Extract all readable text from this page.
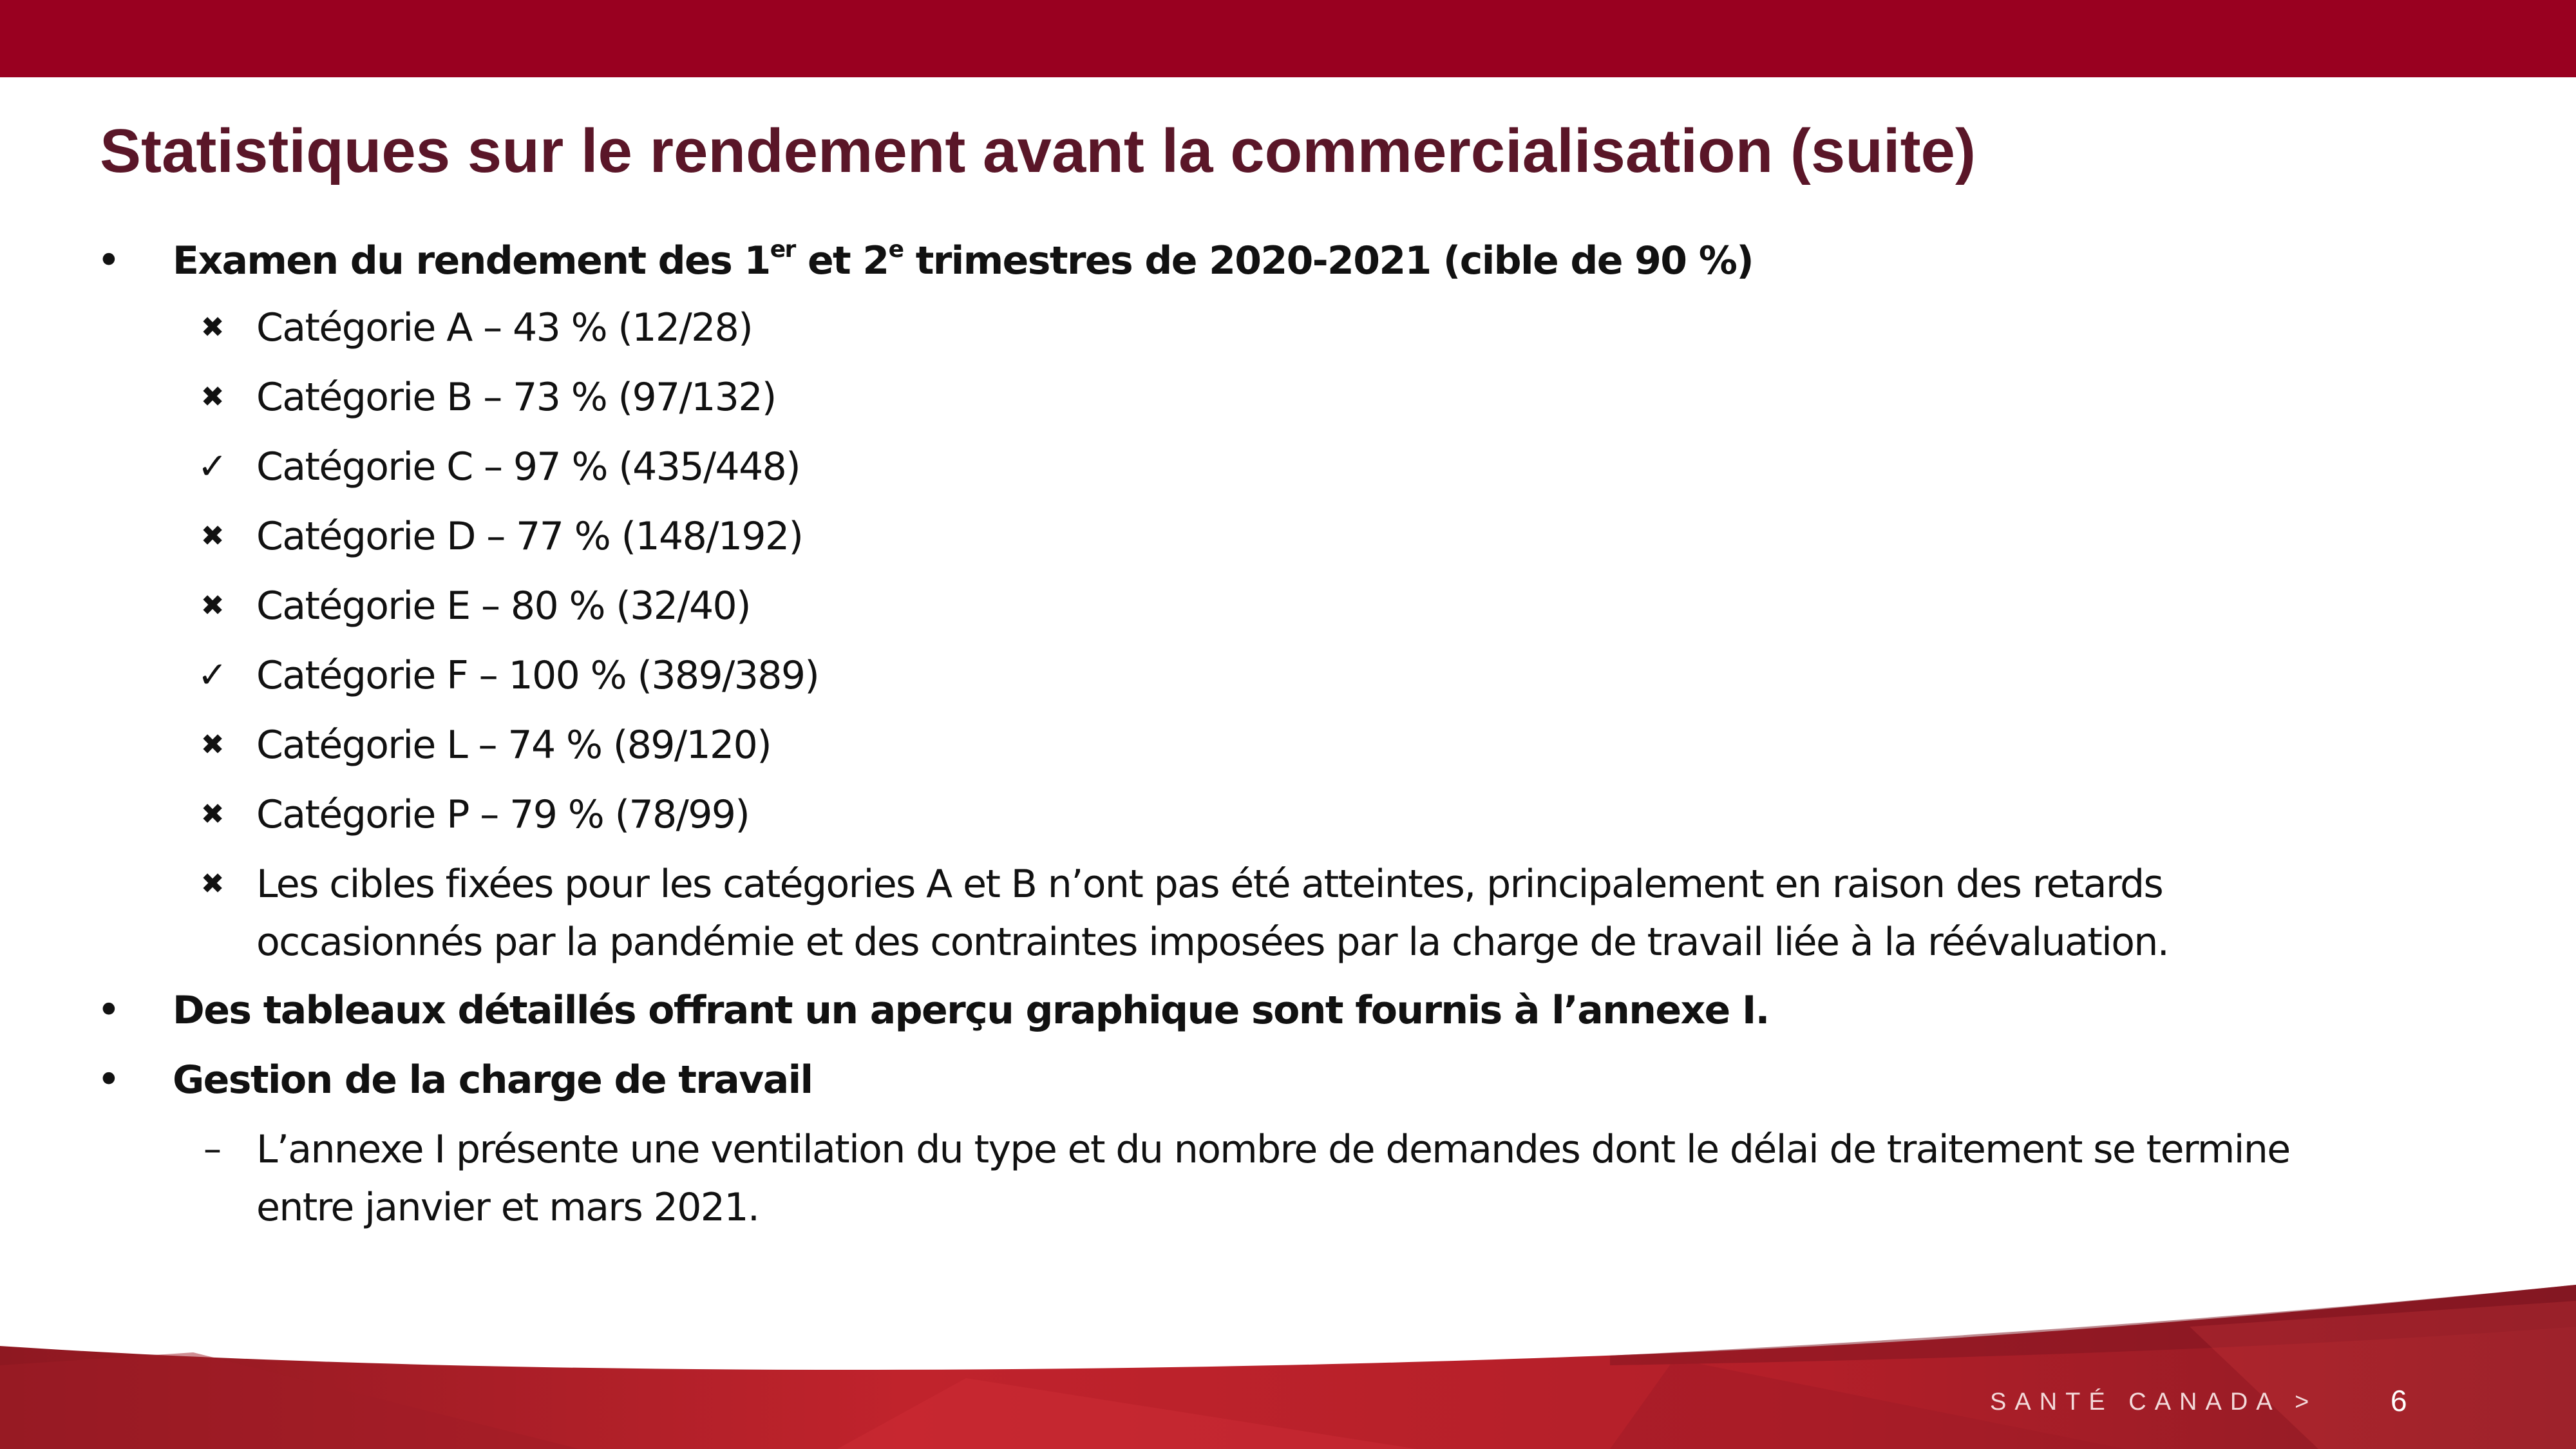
Statistiques sur le rendement avant la commercialisation (suite)
• Examen du rendement des 1er et 2e trimestres de 2020-2021 (cible de 90 %)
✖ Catégorie A – 43 % (12/28)
✖ Catégorie B – 73 % (97/132)
✓ Catégorie C – 97 % (435/448)
✖ Catégorie D – 77 % (148/192)
✖ Catégorie E – 80 % (32/40)
✓ Catégorie F – 100 % (389/389)
✖ Catégorie L – 74 % (89/120)
✖ Catégorie P – 79 % (78/99)
✖ Les cibles fixées pour les catégories A et B n’ont pas été atteintes, principalement en raison des retards
occasionnés par la pandémie et des contraintes imposées par la charge de travail liée à la réévaluation.
• Des tableaux détaillés offrant un aperçu graphique sont fournis à l’annexe I.
• Gestion de la charge de travail
– L’annexe I présente une ventilation du type et du nombre de demandes dont le délai de traitement se termine
entre janvier et mars 2021.
SANTÉ CANADA > 6
